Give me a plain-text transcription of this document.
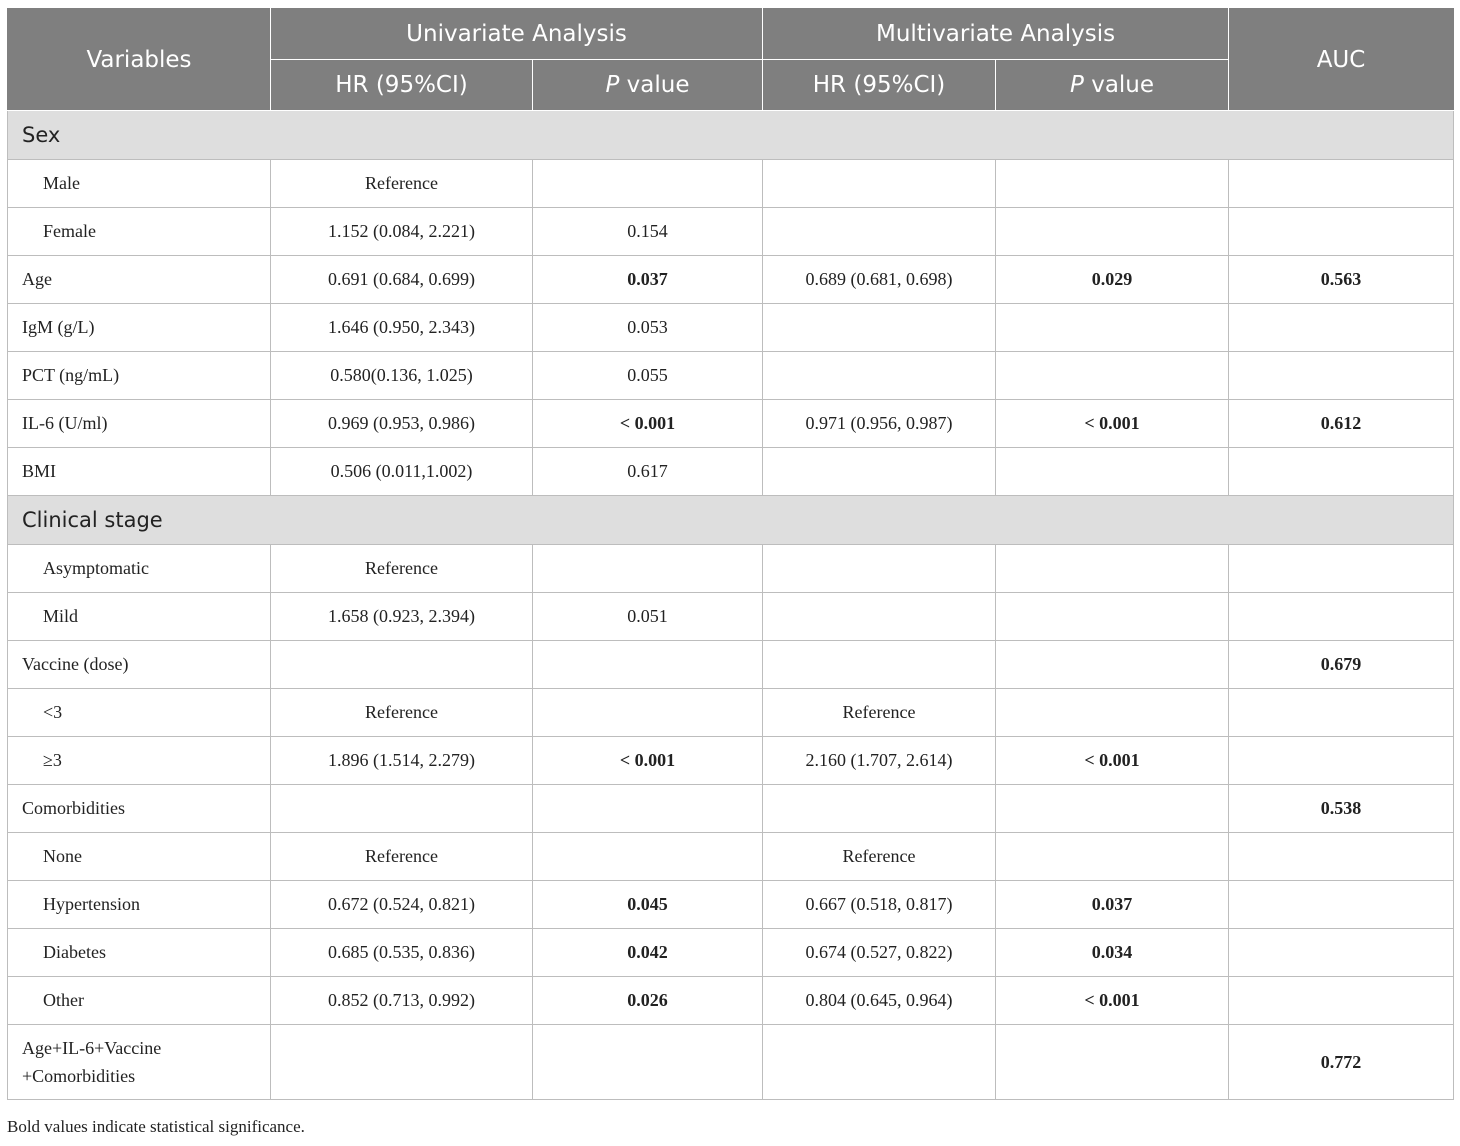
Variables	Univariate Analysis		Multivariate Analysis		AUC
	HR (95%CI)	P value	HR (95%CI)	P value	
Sex					
Male	Reference				
Female	1.152 (0.084, 2.221)	0.154			
Age	0.691 (0.684, 0.699)	0.037	0.689 (0.681, 0.698)	0.029	0.563
IgM (g/L)	1.646 (0.950, 2.343)	0.053			
PCT (ng/mL)	0.580(0.136, 1.025)	0.055			
IL-6 (U/ml)	0.969 (0.953, 0.986)	< 0.001	0.971 (0.956, 0.987)	< 0.001	0.612
BMI	0.506 (0.011,1.002)	0.617			
Clinical stage					
Asymptomatic	Reference				
Mild	1.658 (0.923, 2.394)	0.051			
Vaccine (dose)					0.679
<3	Reference		Reference		
≥3	1.896 (1.514, 2.279)	< 0.001	2.160 (1.707, 2.614)	< 0.001	
Comorbidities					0.538
None	Reference		Reference		
Hypertension	0.672 (0.524, 0.821)	0.045	0.667 (0.518, 0.817)	0.037	
Diabetes	0.685 (0.535, 0.836)	0.042	0.674 (0.527, 0.822)	0.034	
Other	0.852 (0.713, 0.992)	0.026	0.804 (0.645, 0.964)	< 0.001	

Age+IL-6+Vaccine
+Comorbidities					0.772
Bold values indicate statistical significance.
